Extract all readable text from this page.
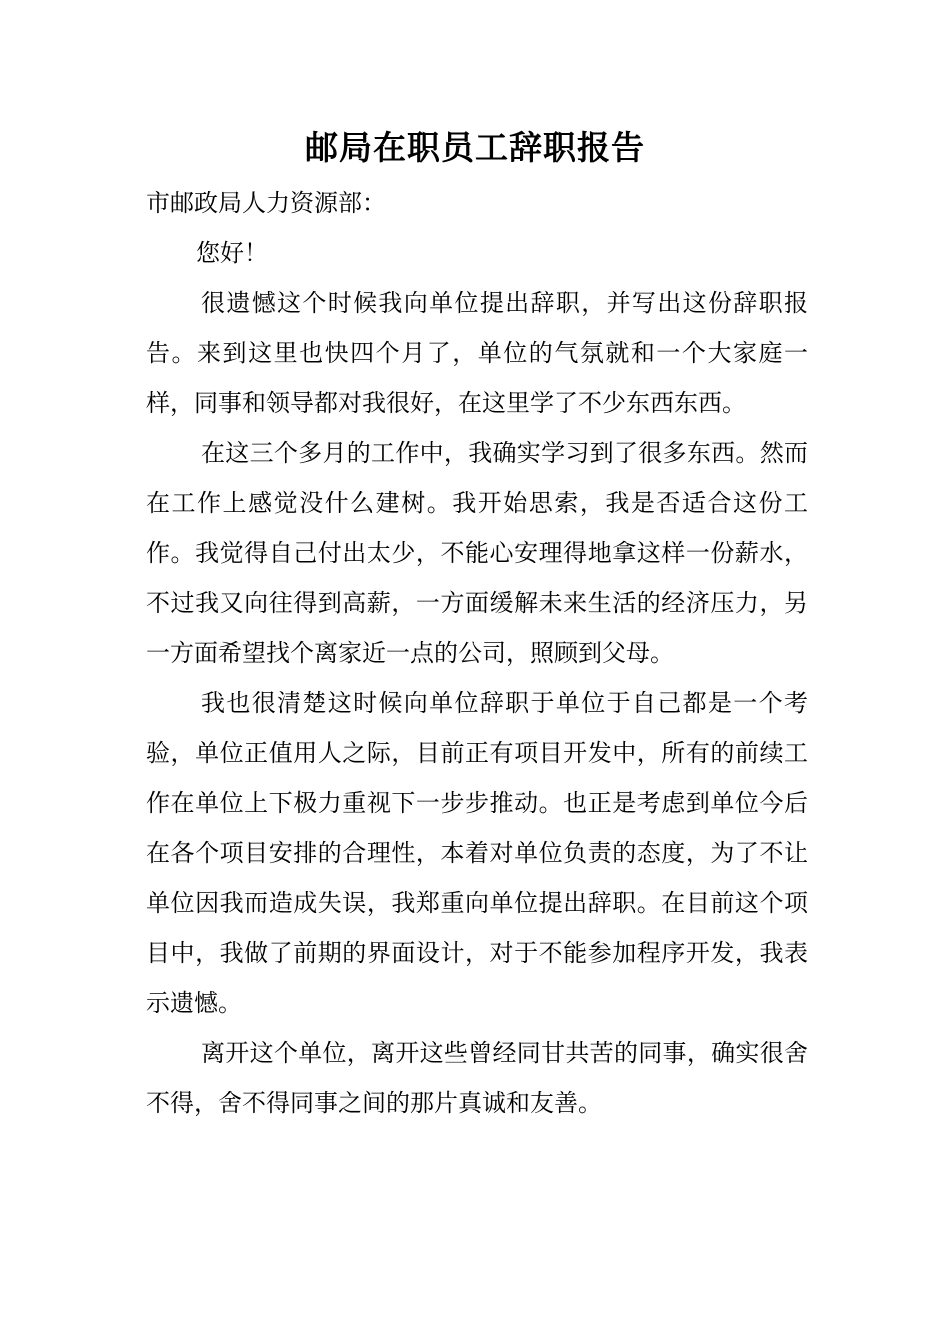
邮局在职员工辞职报告

市邮政局人力资源部：

您好！

很遗憾这个时候我向单位提出辞职，并写出这份辞职报告。来到这里也快四个月了，单位的气氛就和一个大家庭一样，同事和领导都对我很好，在这里学了不少东西东西。

在这三个多月的工作中，我确实学习到了很多东西。然而在工作上感觉没什么建树。我开始思索，我是否适合这份工作。我觉得自己付出太少，不能心安理得地拿这样一份薪水，不过我又向往得到高薪，一方面缓解未来生活的经济压力，另一方面希望找个离家近一点的公司，照顾到父母。

我也很清楚这时候向单位辞职于单位于自己都是一个考验，单位正值用人之际，目前正有项目开发中，所有的前续工作在单位上下极力重视下一步步推动。也正是考虑到单位今后在各个项目安排的合理性，本着对单位负责的态度，为了不让单位因我而造成失误，我郑重向单位提出辞职。在目前这个项目中，我做了前期的界面设计，对于不能参加程序开发，我表示遗憾。

离开这个单位，离开这些曾经同甘共苦的同事，确实很舍不得，舍不得同事之间的那片真诚和友善。
